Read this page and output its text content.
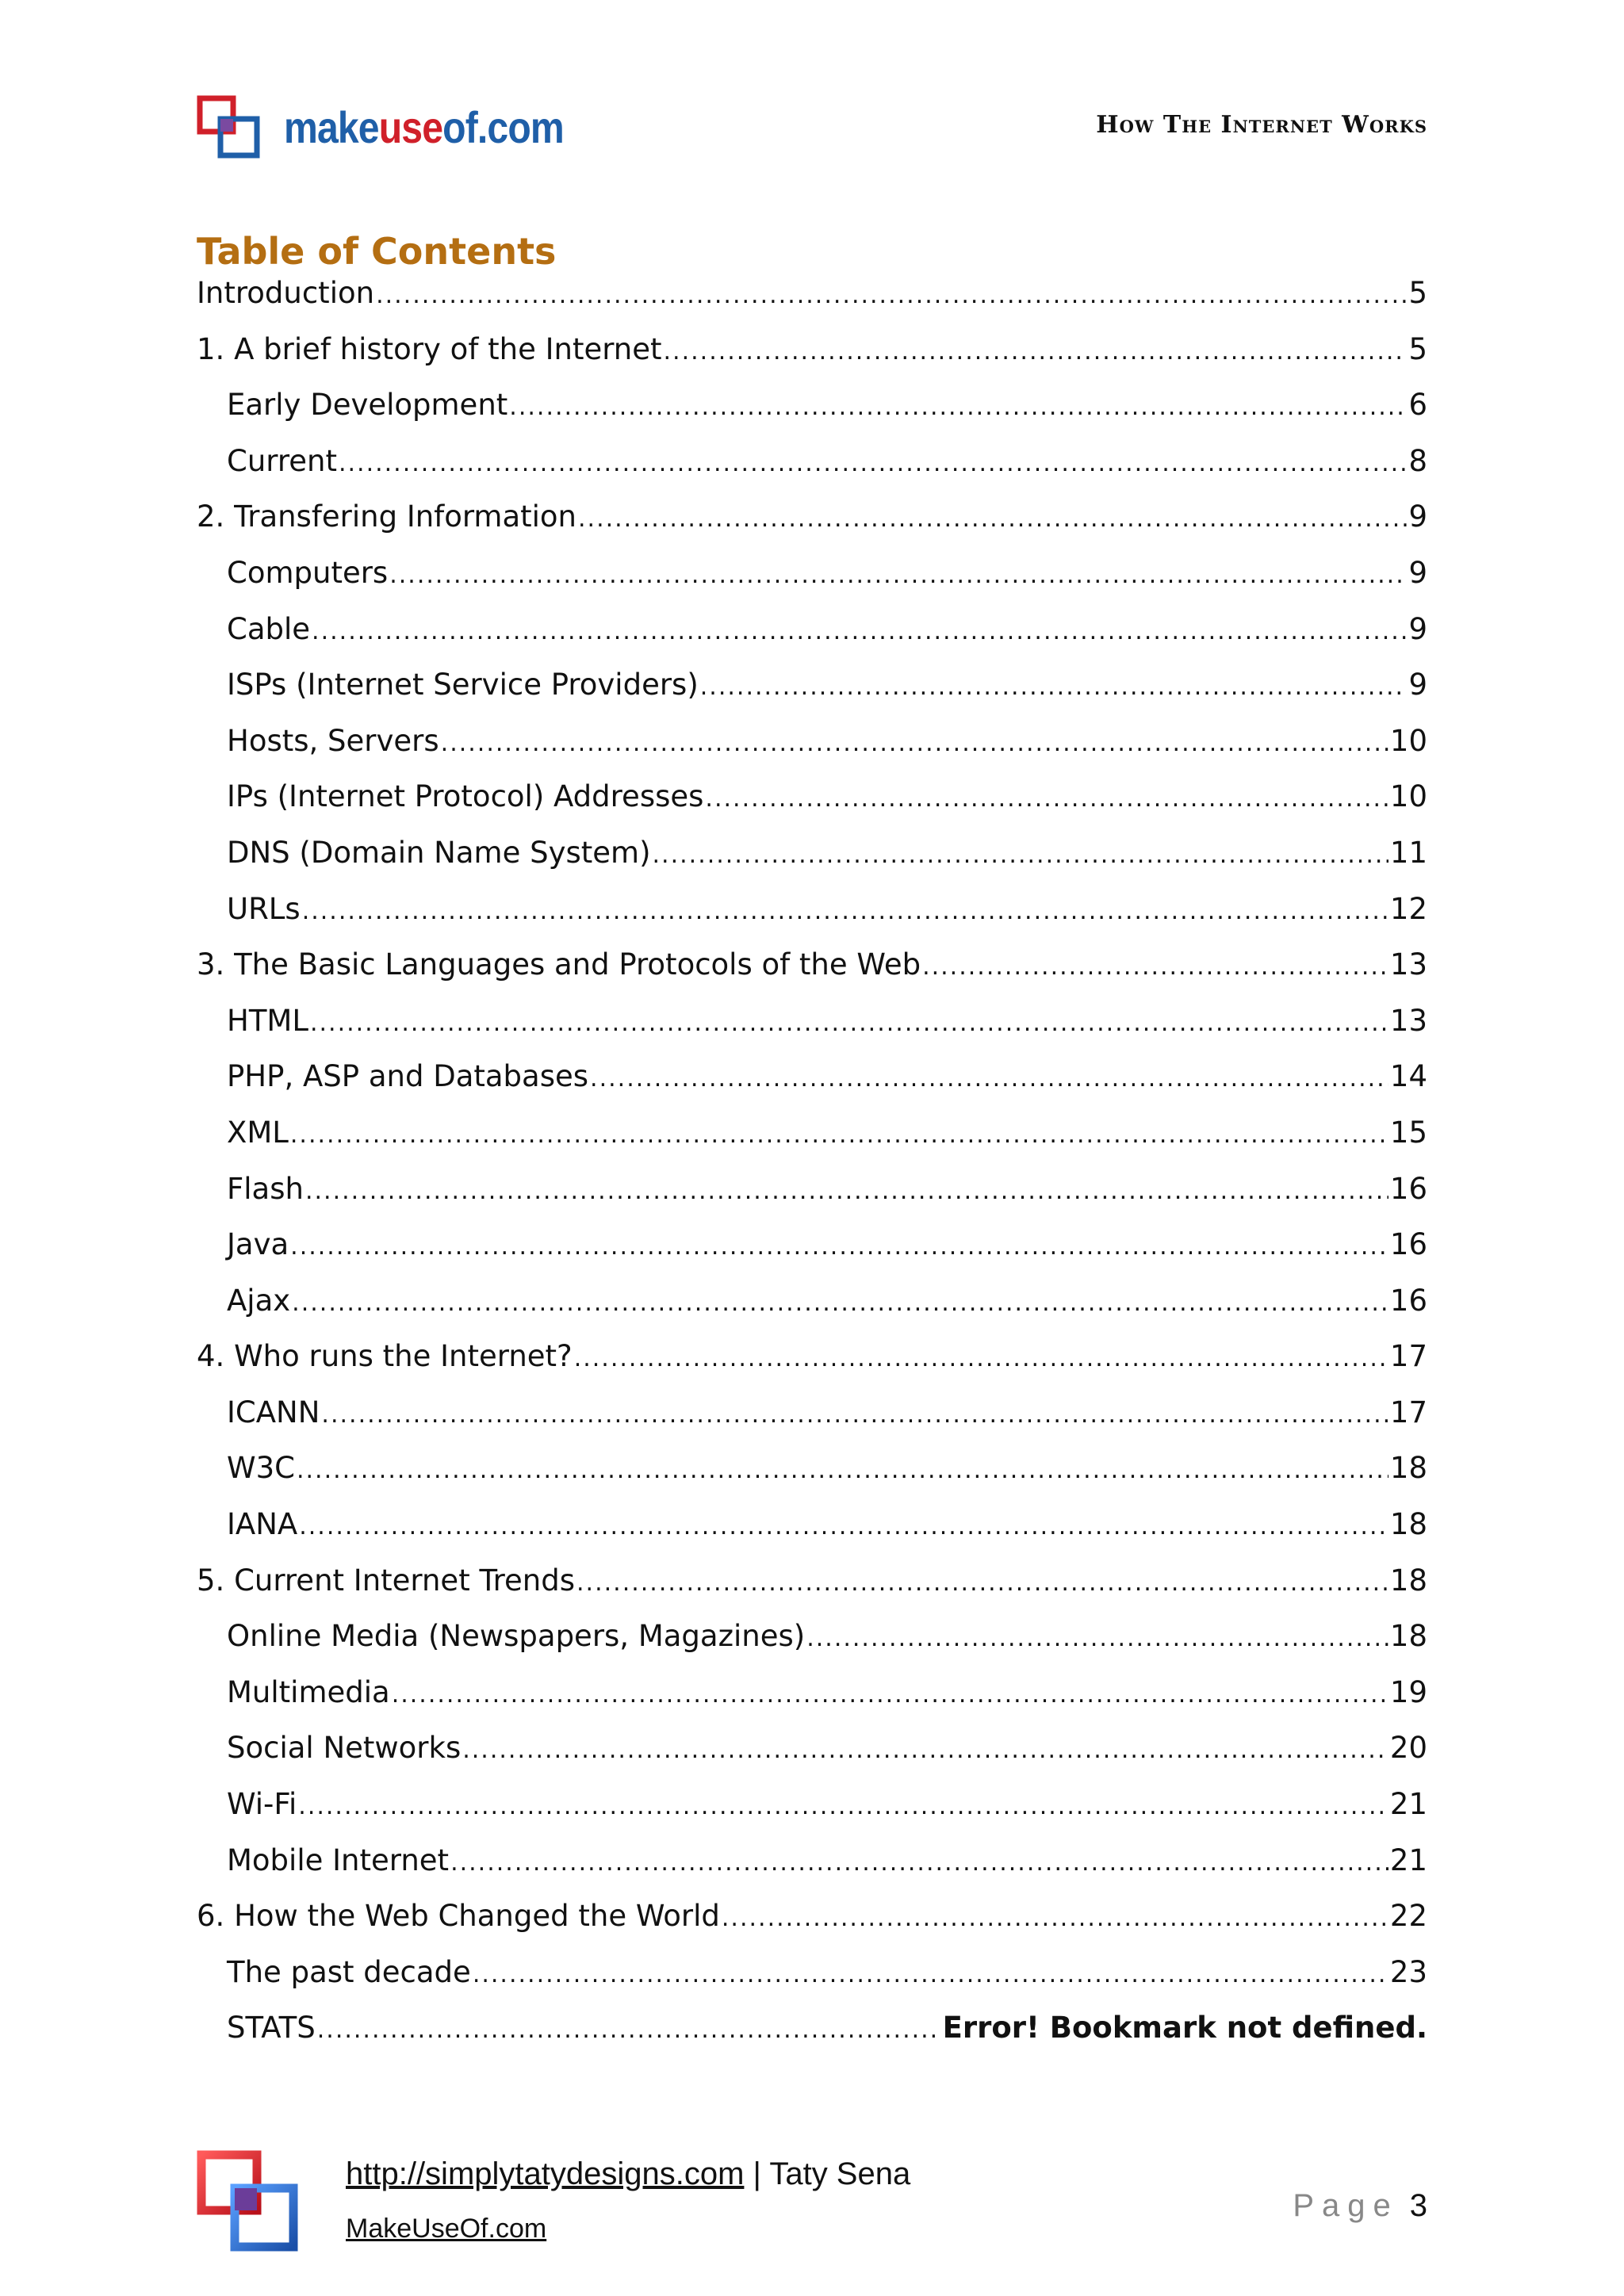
makeuseof.com	How The Internet Works
Table of Contents
Introduction .....	5
1. A brief history of the Internet .....	5
Early Development .....	6
Current .....	8
2. Transfering Information .....	9
Computers .....	9
Cable .....	9
ISPs (Internet Service Providers) .....	9
Hosts, Servers .....	10
IPs (Internet Protocol) Addresses .....	10
DNS (Domain Name System) .....	11
URLs .....	12
3. The Basic Languages and Protocols of the Web .....	13
HTML .....	13
PHP, ASP and Databases .....	14
XML .....	15
Flash .....	16
Java .....	16
Ajax .....	16
4. Who runs the Internet? .....	17
ICANN .....	17
W3C .....	18
IANA .....	18
5. Current Internet Trends .....	18
Online Media (Newspapers, Magazines) .....	18
Multimedia .....	19
Social Networks .....	20
Wi-Fi .....	21
Mobile Internet .....	21
6. How the Web Changed the World .....	22
The past decade .....	23
STATS .....	Error! Bookmark not defined.
http://simplytatydesigns.com | Taty Sena
MakeUseOf.com
Page 3
